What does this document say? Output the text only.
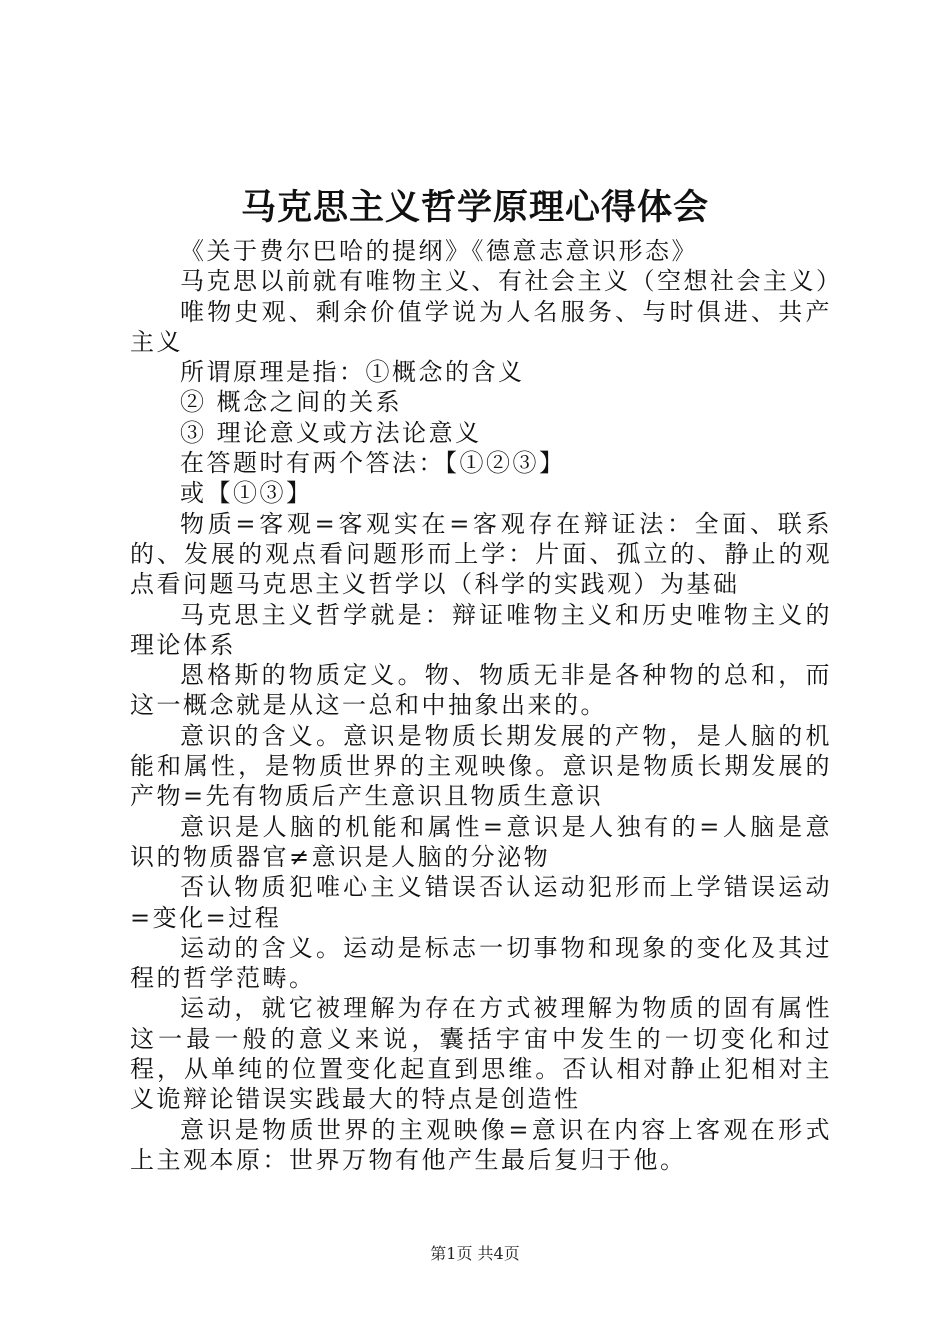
马克思主义哲学原理心得体会

《关于费尔巴哈的提纲》《德意志意识形态》

马克思以前就有唯物主义、有社会主义（空想社会主义）

唯物史观、剩余价值学说为人名服务、与时俱进、共产主义

所谓原理是指：①概念的含义

② 概念之间的关系

③ 理论意义或方法论意义

在答题时有两个答法：【①②③】

或【①③】

物质=客观=客观实在=客观存在辩证法：全面、联系的、发展的观点看问题形而上学：片面、孤立的、静止的观点看问题马克思主义哲学以（科学的实践观）为基础

马克思主义哲学就是：辩证唯物主义和历史唯物主义的理论体系

恩格斯的物质定义。物、物质无非是各种物的总和，而这一概念就是从这一总和中抽象出来的。

意识的含义。意识是物质长期发展的产物，是人脑的机能和属性，是物质世界的主观映像。意识是物质长期发展的产物=先有物质后产生意识且物质生意识

意识是人脑的机能和属性=意识是人独有的=人脑是意识的物质器官≠意识是人脑的分泌物

否认物质犯唯心主义错误否认运动犯形而上学错误运动=变化=过程

运动的含义。运动是标志一切事物和现象的变化及其过程的哲学范畴。

运动，就它被理解为存在方式被理解为物质的固有属性这一最一般的意义来说，囊括宇宙中发生的一切变化和过程，从单纯的位置变化起直到思维。否认相对静止犯相对主义诡辩论错误实践最大的特点是创造性

意识是物质世界的主观映像=意识在内容上客观在形式上主观本原：世界万物有他产生最后复归于他。

第1页 共4页
